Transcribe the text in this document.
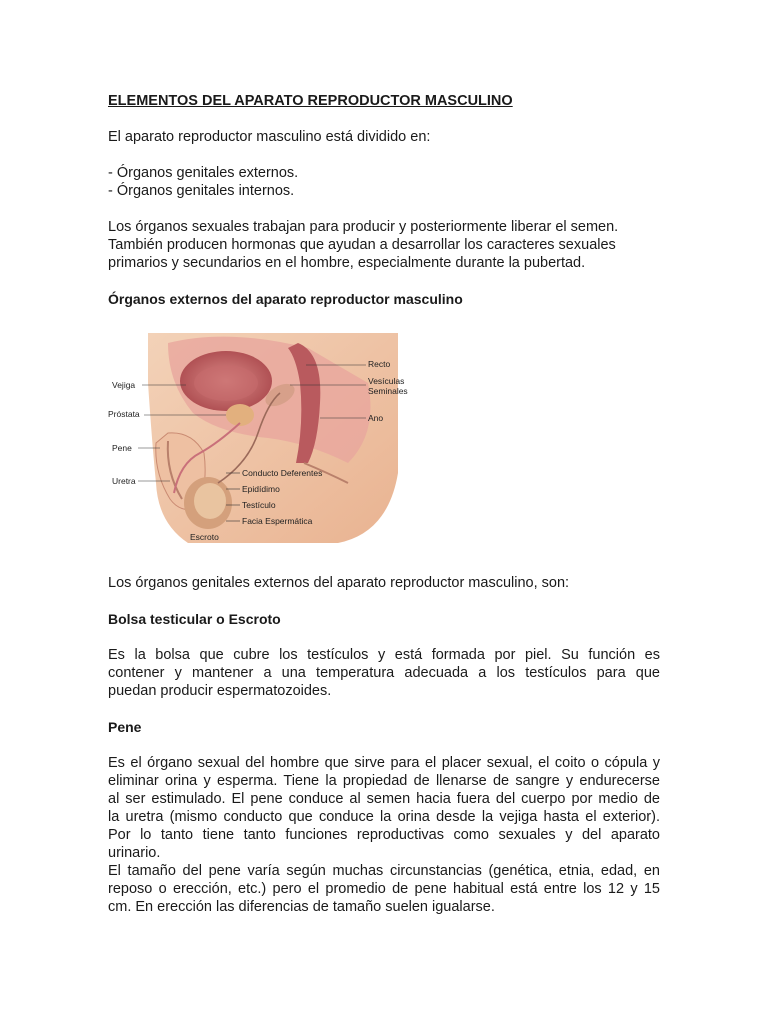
ELEMENTOS DEL APARATO REPRODUCTOR MASCULINO

El aparato reproductor masculino está dividido en:

- Órganos genitales externos.
- Órganos genitales internos.
Los órganos sexuales trabajan para producir y posteriormente liberar el semen.
También producen hormonas que ayudan a desarrollar los caracteres sexuales
primarios y secundarios en el hombre, especialmente durante la pubertad.

Órganos externos del aparato reproductor masculino

Vejiga
Próstata
Pene
Uretra
Escroto
Recto
Vesículas
Seminales
Ano
Conducto Deferentes
Epidídimo
Testículo
Facia Espermática

Los órganos genitales externos del aparato reproductor masculino, son:

Bolsa testicular o Escroto

Es la bolsa que cubre los testículos y está formada por piel. Su función es
contener y mantener a una temperatura adecuada a los testículos para que
puedan producir espermatozoides.

Pene

Es el órgano sexual del hombre que sirve para el placer sexual, el coito o cópula y
eliminar orina y esperma. Tiene la propiedad de llenarse de sangre y endurecerse
al ser estimulado. El pene conduce al semen hacia fuera del cuerpo por medio de
la uretra (mismo conducto que conduce la orina desde la vejiga hasta el exterior).
Por lo tanto tiene tanto funciones reproductivas como sexuales y del aparato
urinario.
El tamaño del pene varía según muchas circunstancias (genética, etnia, edad, en
reposo o erección, etc.) pero el promedio de pene habitual está entre los 12 y 15
cm. En erección las diferencias de tamaño suelen igualarse.
